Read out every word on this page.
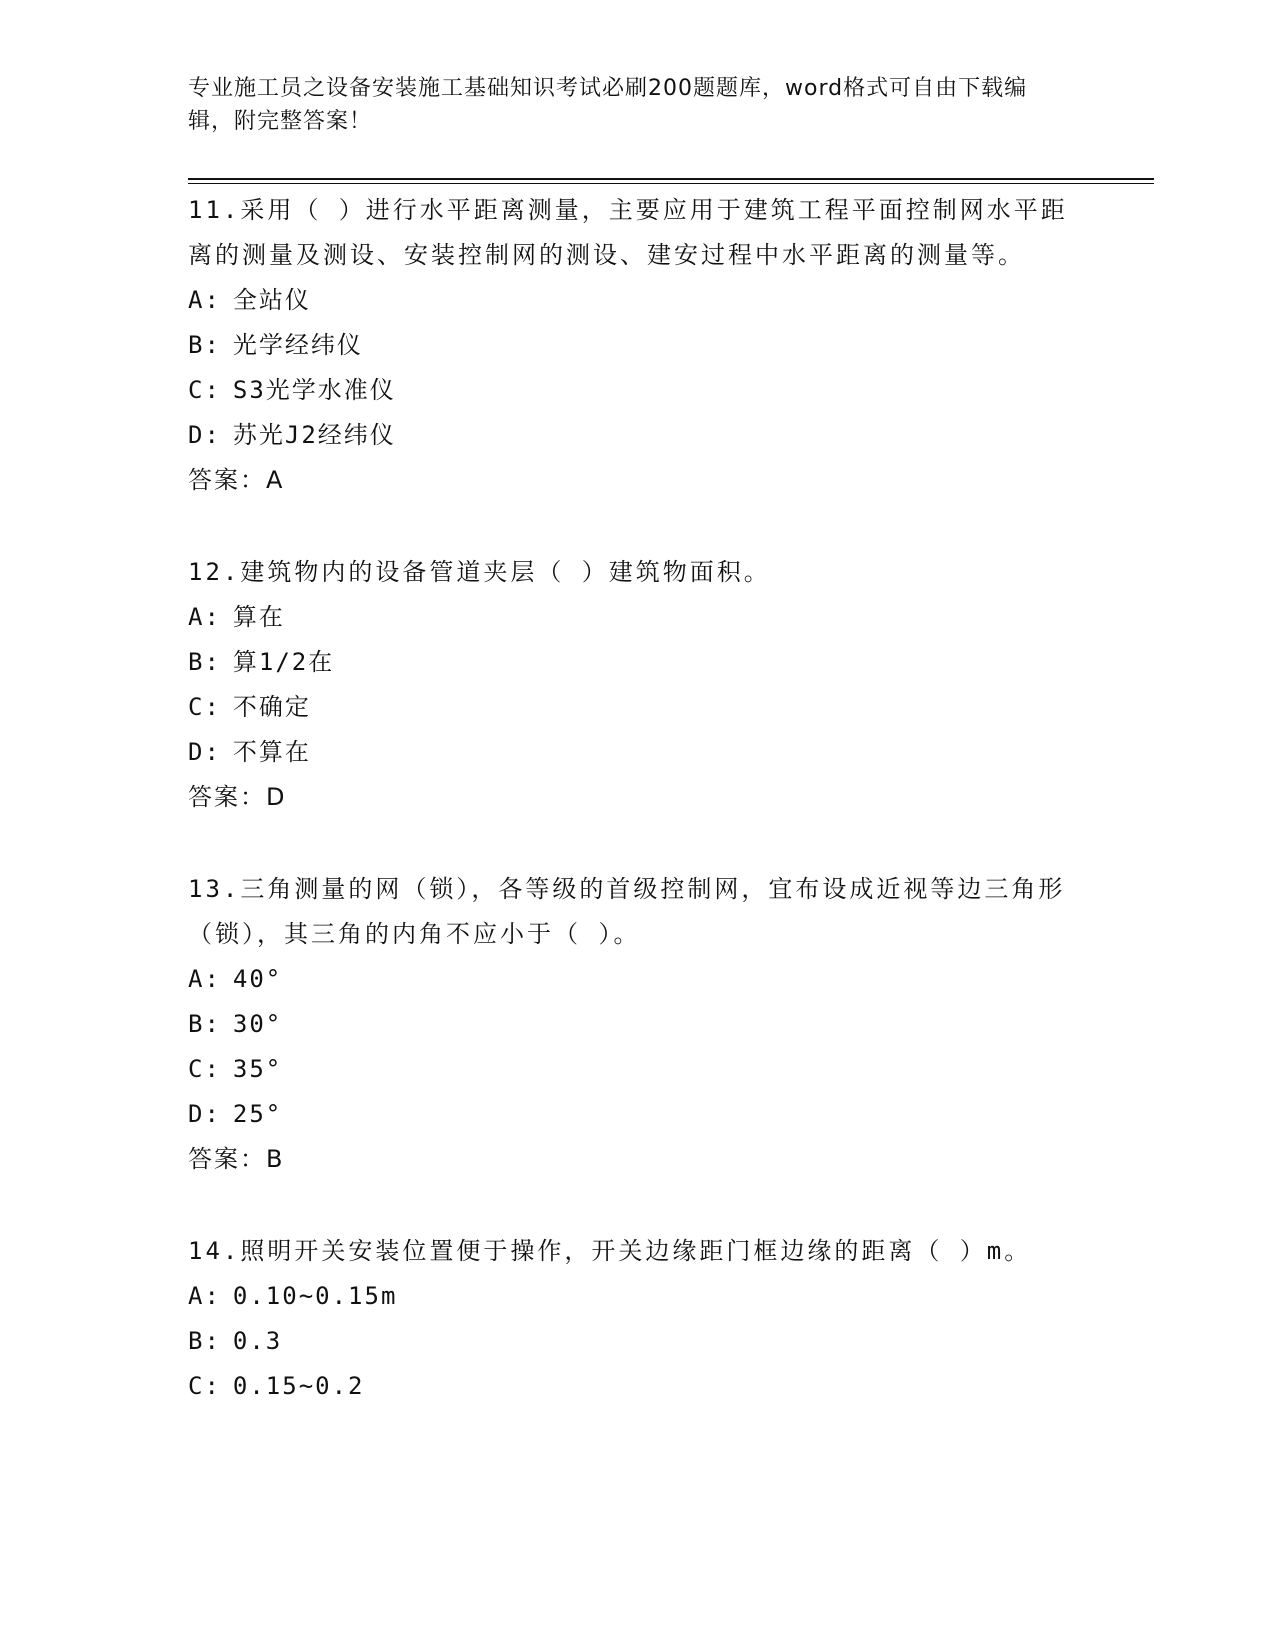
专业施工员之设备安装施工基础知识考试必刷200题题库，word格式可自由下载编辑，附完整答案！
11.采用（ ）进行水平距离测量，主要应用于建筑工程平面控制网水平距离的测量及测设、安装控制网的测设、建安过程中水平距离的测量等。
A: 全站仪
B: 光学经纬仪
C: S3光学水准仪
D: 苏光J2经纬仪
答案：A
12.建筑物内的设备管道夹层（ ）建筑物面积。
A: 算在
B: 算1/2在
C: 不确定
D: 不算在
答案：D
13.三角测量的网（锁），各等级的首级控制网，宜布设成近视等边三角形（锁），其三角的内角不应小于（ ）。
A: 40°
B: 30°
C: 35°
D: 25°
答案：B
14.照明开关安装位置便于操作，开关边缘距门框边缘的距离（ ）m。
A: 0.10~0.15m
B: 0.3
C: 0.15~0.2
